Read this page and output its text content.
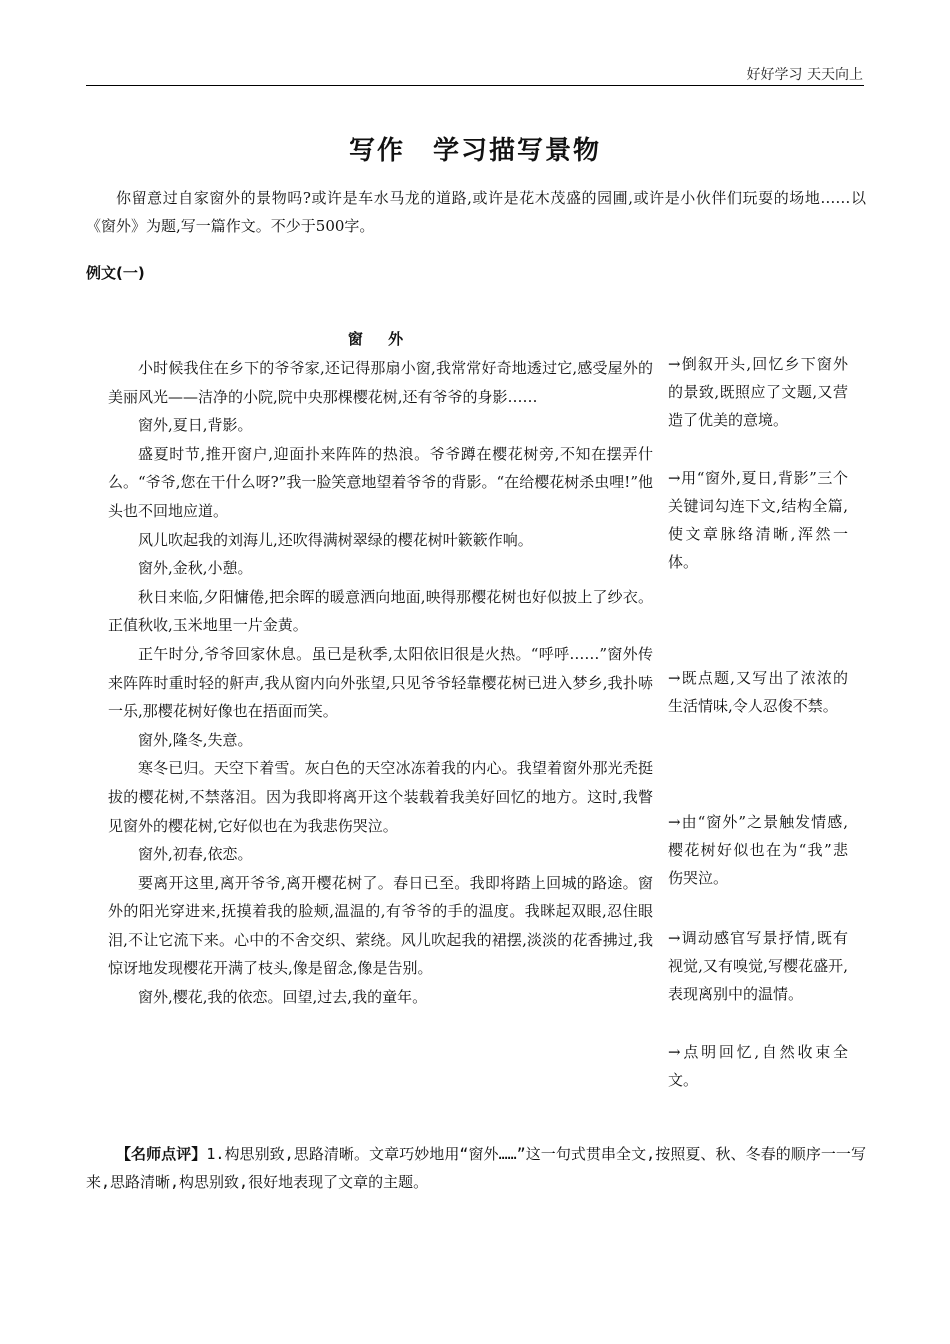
好好学习 天天向上
写作　学习描写景物

你留意过自家窗外的景物吗?或许是车水马龙的道路,或许是花木茂盛的园圃,或许是小伙伴们玩耍的场地……以《窗外》为题,写一篇作文。不少于500字。

例文(一)
窗 外

小时候我住在乡下的爷爷家,还记得那扇小窗,我常常好奇地透过它,感受屋外的美丽风光——洁净的小院,院中央那棵樱花树,还有爷爷的身影……

窗外,夏日,背影。

盛夏时节,推开窗户,迎面扑来阵阵的热浪。爷爷蹲在樱花树旁,不知在摆弄什么。“爷爷,您在干什么呀?”我一脸笑意地望着爷爷的背影。“在给樱花树杀虫哩!”他头也不回地应道。

风儿吹起我的刘海儿,还吹得满树翠绿的樱花树叶簌簌作响。

窗外,金秋,小憩。

秋日来临,夕阳慵倦,把余晖的暖意洒向地面,映得那樱花树也好似披上了纱衣。正值秋收,玉米地里一片金黄。

正午时分,爷爷回家休息。虽已是秋季,太阳依旧很是火热。“呼呼……”窗外传来阵阵时重时轻的鼾声,我从窗内向外张望,只见爷爷轻靠樱花树已进入梦乡,我扑哧一乐,那樱花树好像也在捂面而笑。

窗外,隆冬,失意。

寒冬已归。天空下着雪。灰白色的天空冰冻着我的内心。我望着窗外那光秃挺拔的樱花树,不禁落泪。因为我即将离开这个装载着我美好回忆的地方。这时,我瞥见窗外的樱花树,它好似也在为我悲伤哭泣。

窗外,初春,依恋。

要离开这里,离开爷爷,离开樱花树了。春日已至。我即将踏上回城的路途。窗外的阳光穿进来,抚摸着我的脸颊,温温的,有爷爷的手的温度。我眯起双眼,忍住眼泪,不让它流下来。心中的不舍交织、萦绕。风儿吹起我的裙摆,淡淡的花香拂过,我惊讶地发现樱花开满了枝头,像是留念,像是告别。

窗外,樱花,我的依恋。回望,过去,我的童年。

→倒叙开头,回忆乡下窗外的景致,既照应了文题,又营造了优美的意境。
→用“窗外,夏日,背影”三个关键词勾连下文,结构全篇,使文章脉络清晰,浑然一体。
→既点题,又写出了浓浓的生活情味,令人忍俊不禁。
→由“窗外”之景触发情感,樱花树好似也在为“我”悲伤哭泣。
→调动感官写景抒情,既有视觉,又有嗅觉,写樱花盛开,表现离别中的温情。
→点明回忆,自然收束全文。
【名师点评】1.构思别致,思路清晰。文章巧妙地用“窗外……”这一句式贯串全文,按照夏、秋、冬春的顺序一一写来,思路清晰,构思别致,很好地表现了文章的主题。
